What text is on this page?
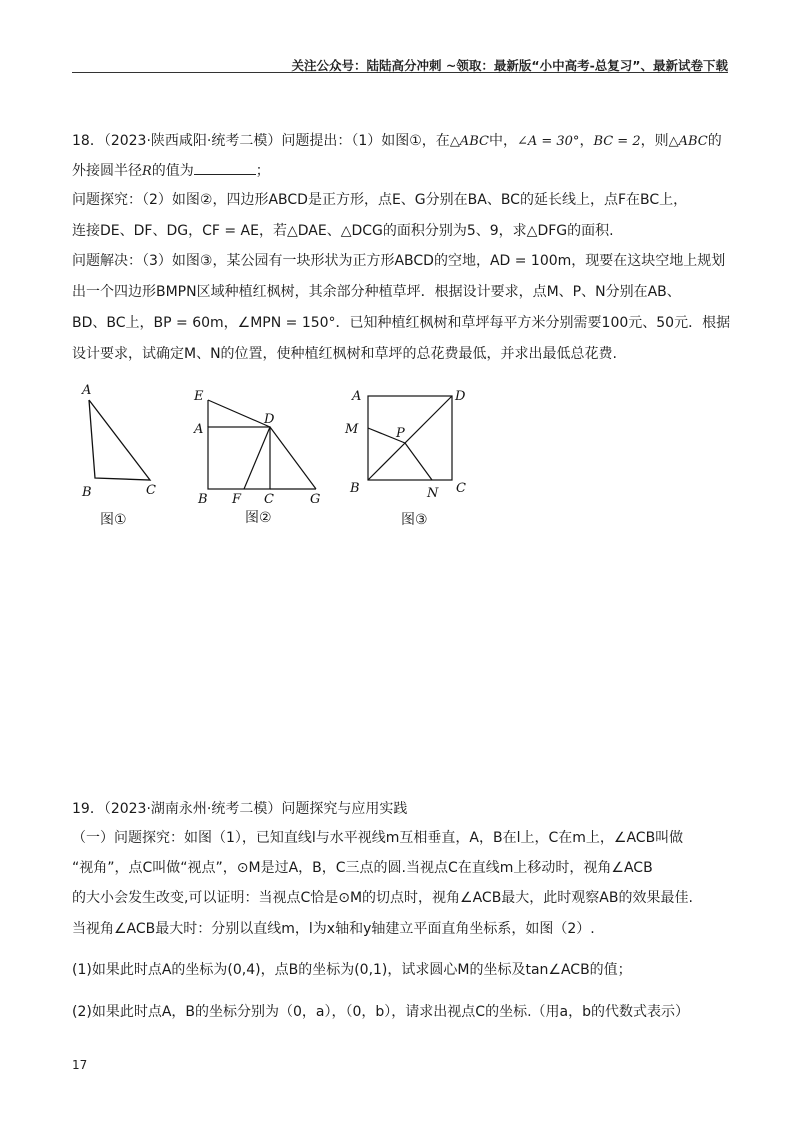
关注公众号：陆陆高分冲刺 ~领取：最新版“小中高考-总复习”、最新试卷下载
18．（2023·陕西咸阳·统考二模）问题提出：（1）如图①，在△ABC中，∠A = 30°，BC = 2，则△ABC的
外接圆半径R的值为	；
问题探究：（2）如图②，四边形ABCD是正方形，点E、G分别在BA、BC的延长线上，点F在BC上，
连接DE、DF、DG，CF = AE，若△DAE、△DCG的面积分别为5、9，求△DFG的面积.
问题解决：（3）如图③，某公园有一块形状为正方形ABCD的空地，AD = 100m，现要在这块空地上规划
出一个四边形BMPN区域种植红枫树，其余部分种植草坪．根据设计要求，点M、P、N分别在AB、
BD、BC上，BP = 60m，∠MPN = 150°．已知种植红枫树和草坪每平方米分别需要100元、50元．根据
设计要求，试确定M、N的位置，使种植红枫树和草坪的总花费最低，并求出最低总花费.
A
B	C
图①
E
A
D
B F C	G
图②
A	D
M	P
B	N C
图③
19．（2023·湖南永州·统考二模）问题探究与应用实践
（一）问题探究：如图（1），已知直线l与水平视线m互相垂直，A，B在l上，C在m上，∠ACB叫做
“视角”，点C叫做“视点”，⊙M是过A，B，C三点的圆.当视点C在直线m上移动时，视角∠ACB
的大小会发生改变,可以证明：当视点C恰是⊙M的切点时，视角∠ACB最大，此时观察AB的效果最佳.
当视角∠ACB最大时：分别以直线m，l为x轴和y轴建立平面直角坐标系，如图（2）.
(1)如果此时点A的坐标为(0,4)，点B的坐标为(0,1)，试求圆心M的坐标及tan∠ACB的值；
(2)如果此时点A，B的坐标分别为（0，a），（0，b），请求出视点C的坐标.（用a，b的代数式表示）
17
